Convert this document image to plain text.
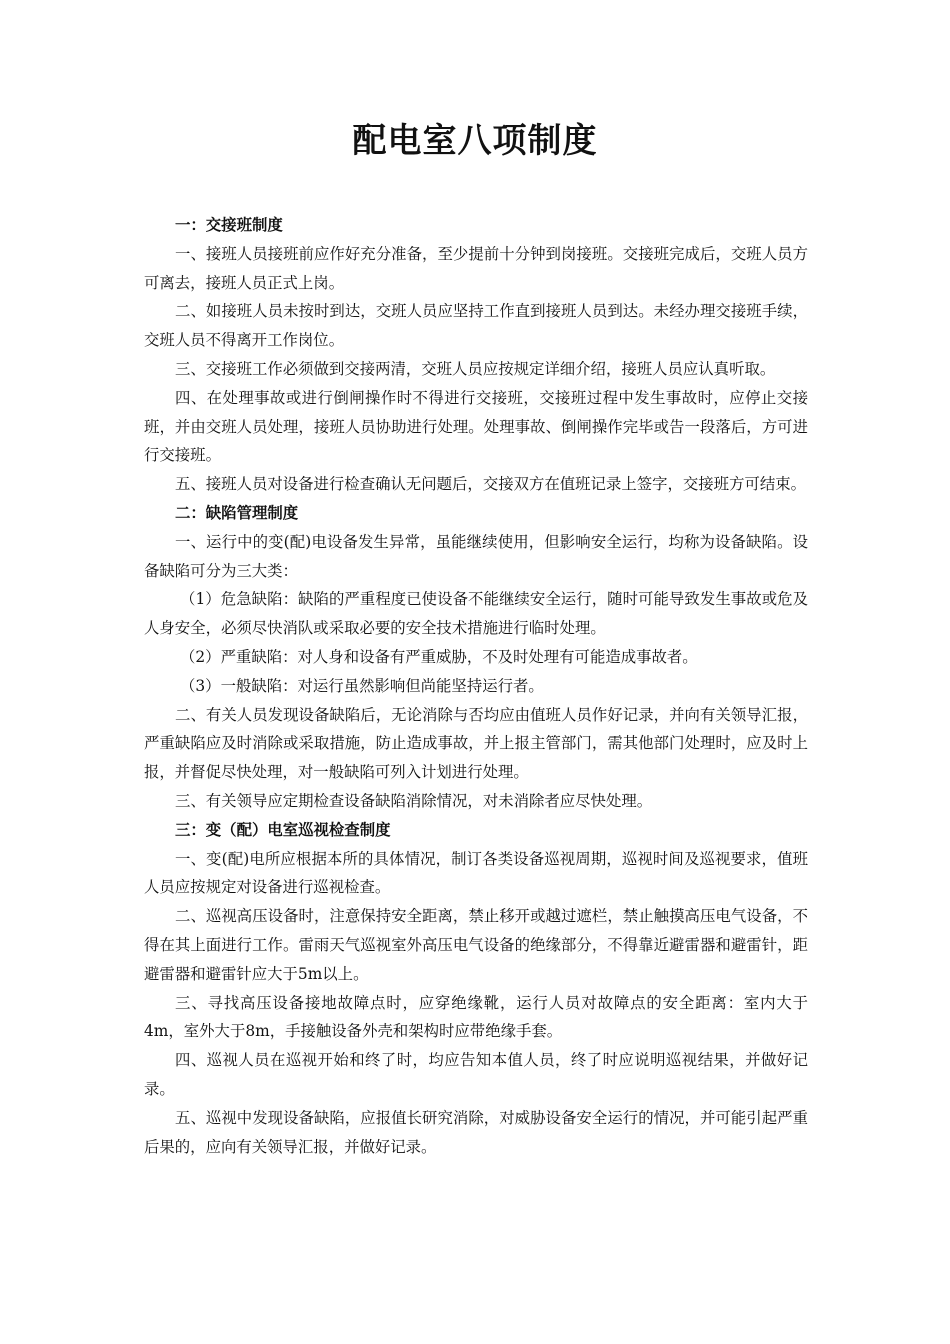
配电室八项制度
一：交接班制度

一、接班人员接班前应作好充分准备，至少提前十分钟到岗接班。交接班完成后，交班人员方可离去，接班人员正式上岗。

二、如接班人员未按时到达，交班人员应坚持工作直到接班人员到达。未经办理交接班手续，交班人员不得离开工作岗位。

三、交接班工作必须做到交接两清，交班人员应按规定详细介绍，接班人员应认真听取。

四、在处理事故或进行倒闸操作时不得进行交接班，交接班过程中发生事故时，应停止交接班，并由交班人员处理，接班人员协助进行处理。处理事故、倒闸操作完毕或告一段落后，方可进行交接班。

五、接班人员对设备进行检查确认无问题后，交接双方在值班记录上签字，交接班方可结束。

二：缺陷管理制度

一、运行中的变(配)电设备发生异常，虽能继续使用，但影响安全运行，均称为设备缺陷。设备缺陷可分为三大类：

（1）危急缺陷：缺陷的严重程度已使设备不能继续安全运行，随时可能导致发生事故或危及人身安全，必须尽快消队或采取必要的安全技术措施进行临时处理。

（2）严重缺陷：对人身和设备有严重威胁，不及时处理有可能造成事故者。

（3）一般缺陷：对运行虽然影响但尚能坚持运行者。

二、有关人员发现设备缺陷后，无论消除与否均应由值班人员作好记录，并向有关领导汇报，严重缺陷应及时消除或采取措施，防止造成事故，并上报主管部门，需其他部门处理时，应及时上报，并督促尽快处理，对一般缺陷可列入计划进行处理。

三、有关领导应定期检查设备缺陷消除情况，对未消除者应尽快处理。

三：变（配）电室巡视检查制度

一、变(配)电所应根据本所的具体情况，制订各类设备巡视周期，巡视时间及巡视要求，值班人员应按规定对设备进行巡视检查。

二、巡视高压设备时，注意保持安全距离，禁止移开或越过遮栏，禁止触摸高压电气设备，不得在其上面进行工作。雷雨天气巡视室外高压电气设备的绝缘部分，不得靠近避雷器和避雷针，距避雷器和避雷针应大于5m以上。

三、寻找高压设备接地故障点时，应穿绝缘靴，运行人员对故障点的安全距离：室内大于4m，室外大于8m，手接触设备外壳和架构时应带绝缘手套。

四、巡视人员在巡视开始和终了时，均应告知本值人员，终了时应说明巡视结果，并做好记录。

五、巡视中发现设备缺陷，应报值长研究消除，对威胁设备安全运行的情况，并可能引起严重后果的，应向有关领导汇报，并做好记录。
